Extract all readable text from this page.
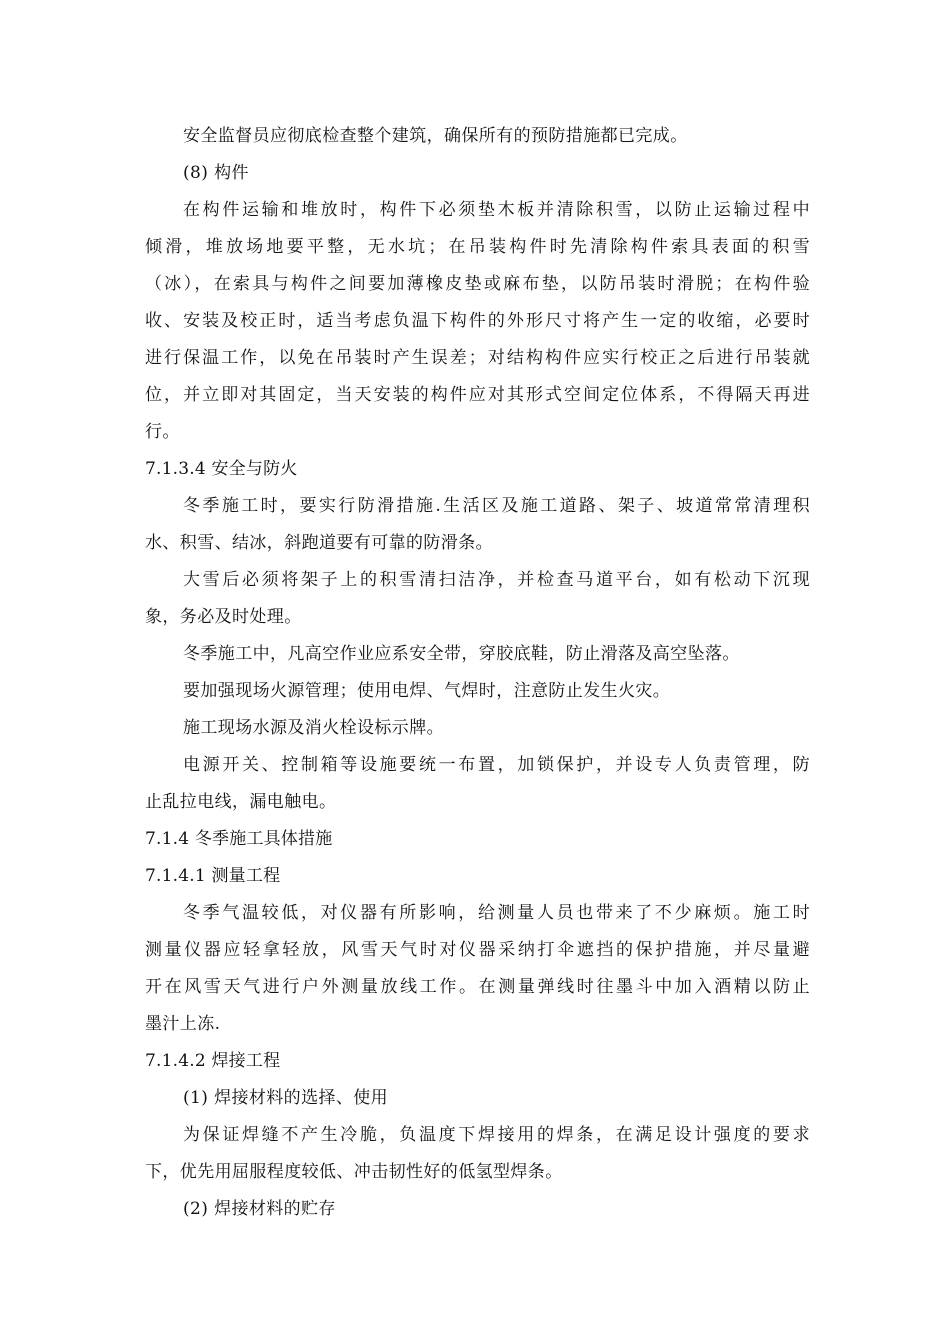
安全监督员应彻底检查整个建筑，确保所有的预防措施都已完成。
(8) 构件
在构件运输和堆放时，构件下必须垫木板并清除积雪，以防止运输过程中
倾滑，堆放场地要平整，无水坑；在吊装构件时先清除构件索具表面的积雪
（冰），在索具与构件之间要加薄橡皮垫或麻布垫，以防吊装时滑脱；在构件验
收、安装及校正时，适当考虑负温下构件的外形尺寸将产生一定的收缩，必要时
进行保温工作，以免在吊装时产生误差；对结构构件应实行校正之后进行吊装就
位，并立即对其固定，当天安装的构件应对其形式空间定位体系，不得隔天再进
行。
7.1.3.4 安全与防火
冬季施工时，要实行防滑措施.生活区及施工道路、架子、坡道常常清理积
水、积雪、结冰，斜跑道要有可靠的防滑条。
大雪后必须将架子上的积雪清扫洁净，并检查马道平台，如有松动下沉现
象，务必及时处理。
冬季施工中，凡高空作业应系安全带，穿胶底鞋，防止滑落及高空坠落。
要加强现场火源管理；使用电焊、气焊时，注意防止发生火灾。
施工现场水源及消火栓设标示牌。
电源开关、控制箱等设施要统一布置，加锁保护，并设专人负责管理，防
止乱拉电线，漏电触电。
7.1.4 冬季施工具体措施
7.1.4.1 测量工程
冬季气温较低，对仪器有所影响，给测量人员也带来了不少麻烦。施工时
测量仪器应轻拿轻放，风雪天气时对仪器采纳打伞遮挡的保护措施，并尽量避
开在风雪天气进行户外测量放线工作。在测量弹线时往墨斗中加入酒精以防止
墨汁上冻.
7.1.4.2 焊接工程
(1) 焊接材料的选择、使用
为保证焊缝不产生冷脆，负温度下焊接用的焊条，在满足设计强度的要求
下，优先用屈服程度较低、冲击韧性好的低氢型焊条。
(2) 焊接材料的贮存
